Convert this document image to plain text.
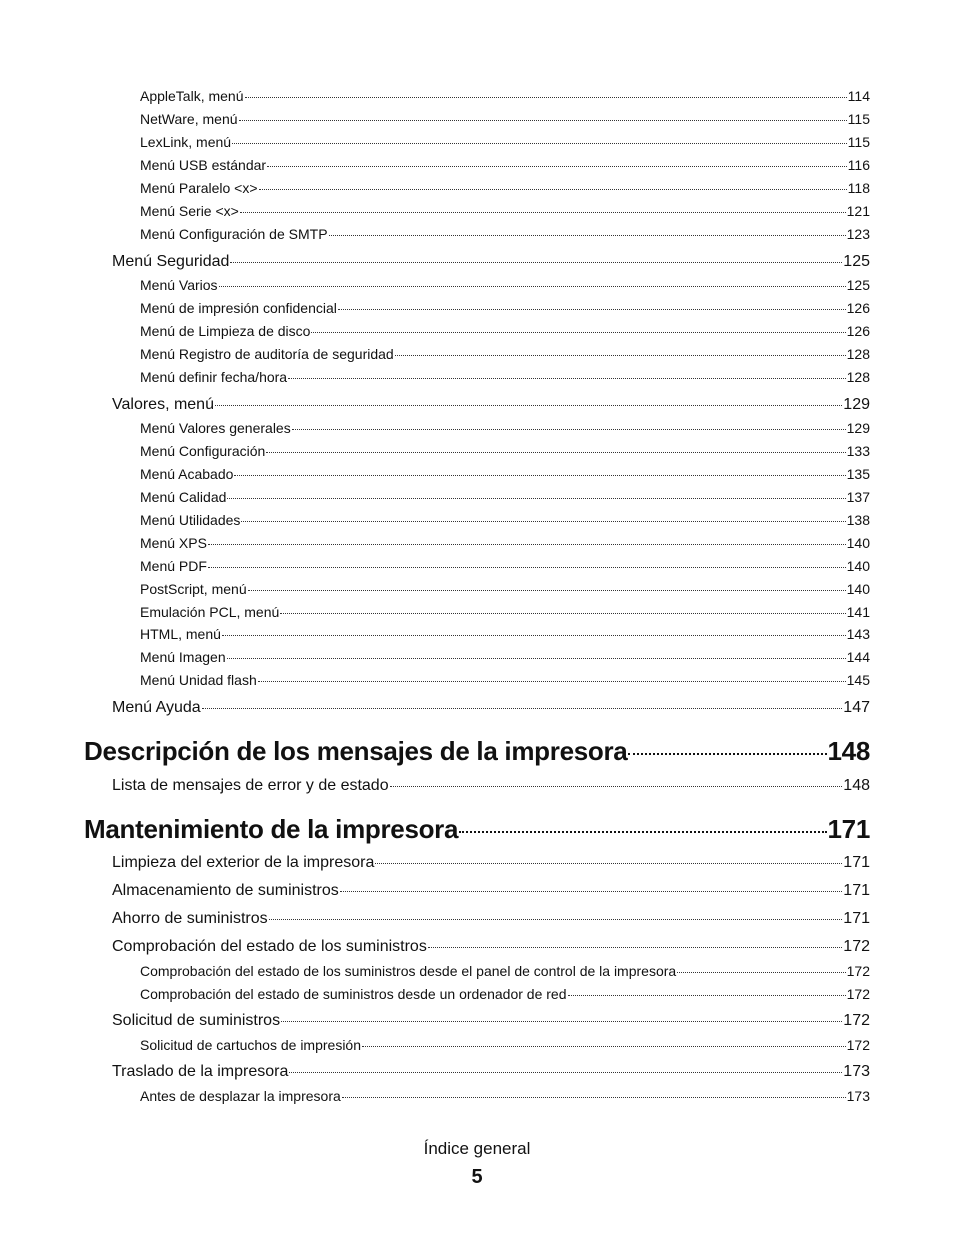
AppleTalk, menú	114
NetWare, menú	115
LexLink, menú	115
Menú USB estándar	116
Menú Paralelo <x>	118
Menú Serie <x>	121
Menú Configuración de SMTP	123
Menú Seguridad	125
Menú Varios	125
Menú de impresión confidencial	126
Menú de Limpieza de disco	126
Menú Registro de auditoría de seguridad	128
Menú definir fecha/hora	128
Valores, menú	129
Menú Valores generales	129
Menú Configuración	133
Menú Acabado	135
Menú Calidad	137
Menú Utilidades	138
Menú XPS	140
Menú PDF	140
PostScript, menú	140
Emulación PCL, menú	141
HTML, menú	143
Menú Imagen	144
Menú Unidad flash	145
Menú Ayuda	147
Descripción de los mensajes de la impresora	148
Lista de mensajes de error y de estado	148
Mantenimiento de la impresora	171
Limpieza del exterior de la impresora	171
Almacenamiento de suministros	171
Ahorro de suministros	171
Comprobación del estado de los suministros	172
Comprobación del estado de los suministros desde el panel de control de la impresora	172
Comprobación del estado de suministros desde un ordenador de red	172
Solicitud de suministros	172
Solicitud de cartuchos de impresión	172
Traslado de la impresora	173
Antes de desplazar la impresora	173
Índice general
5
